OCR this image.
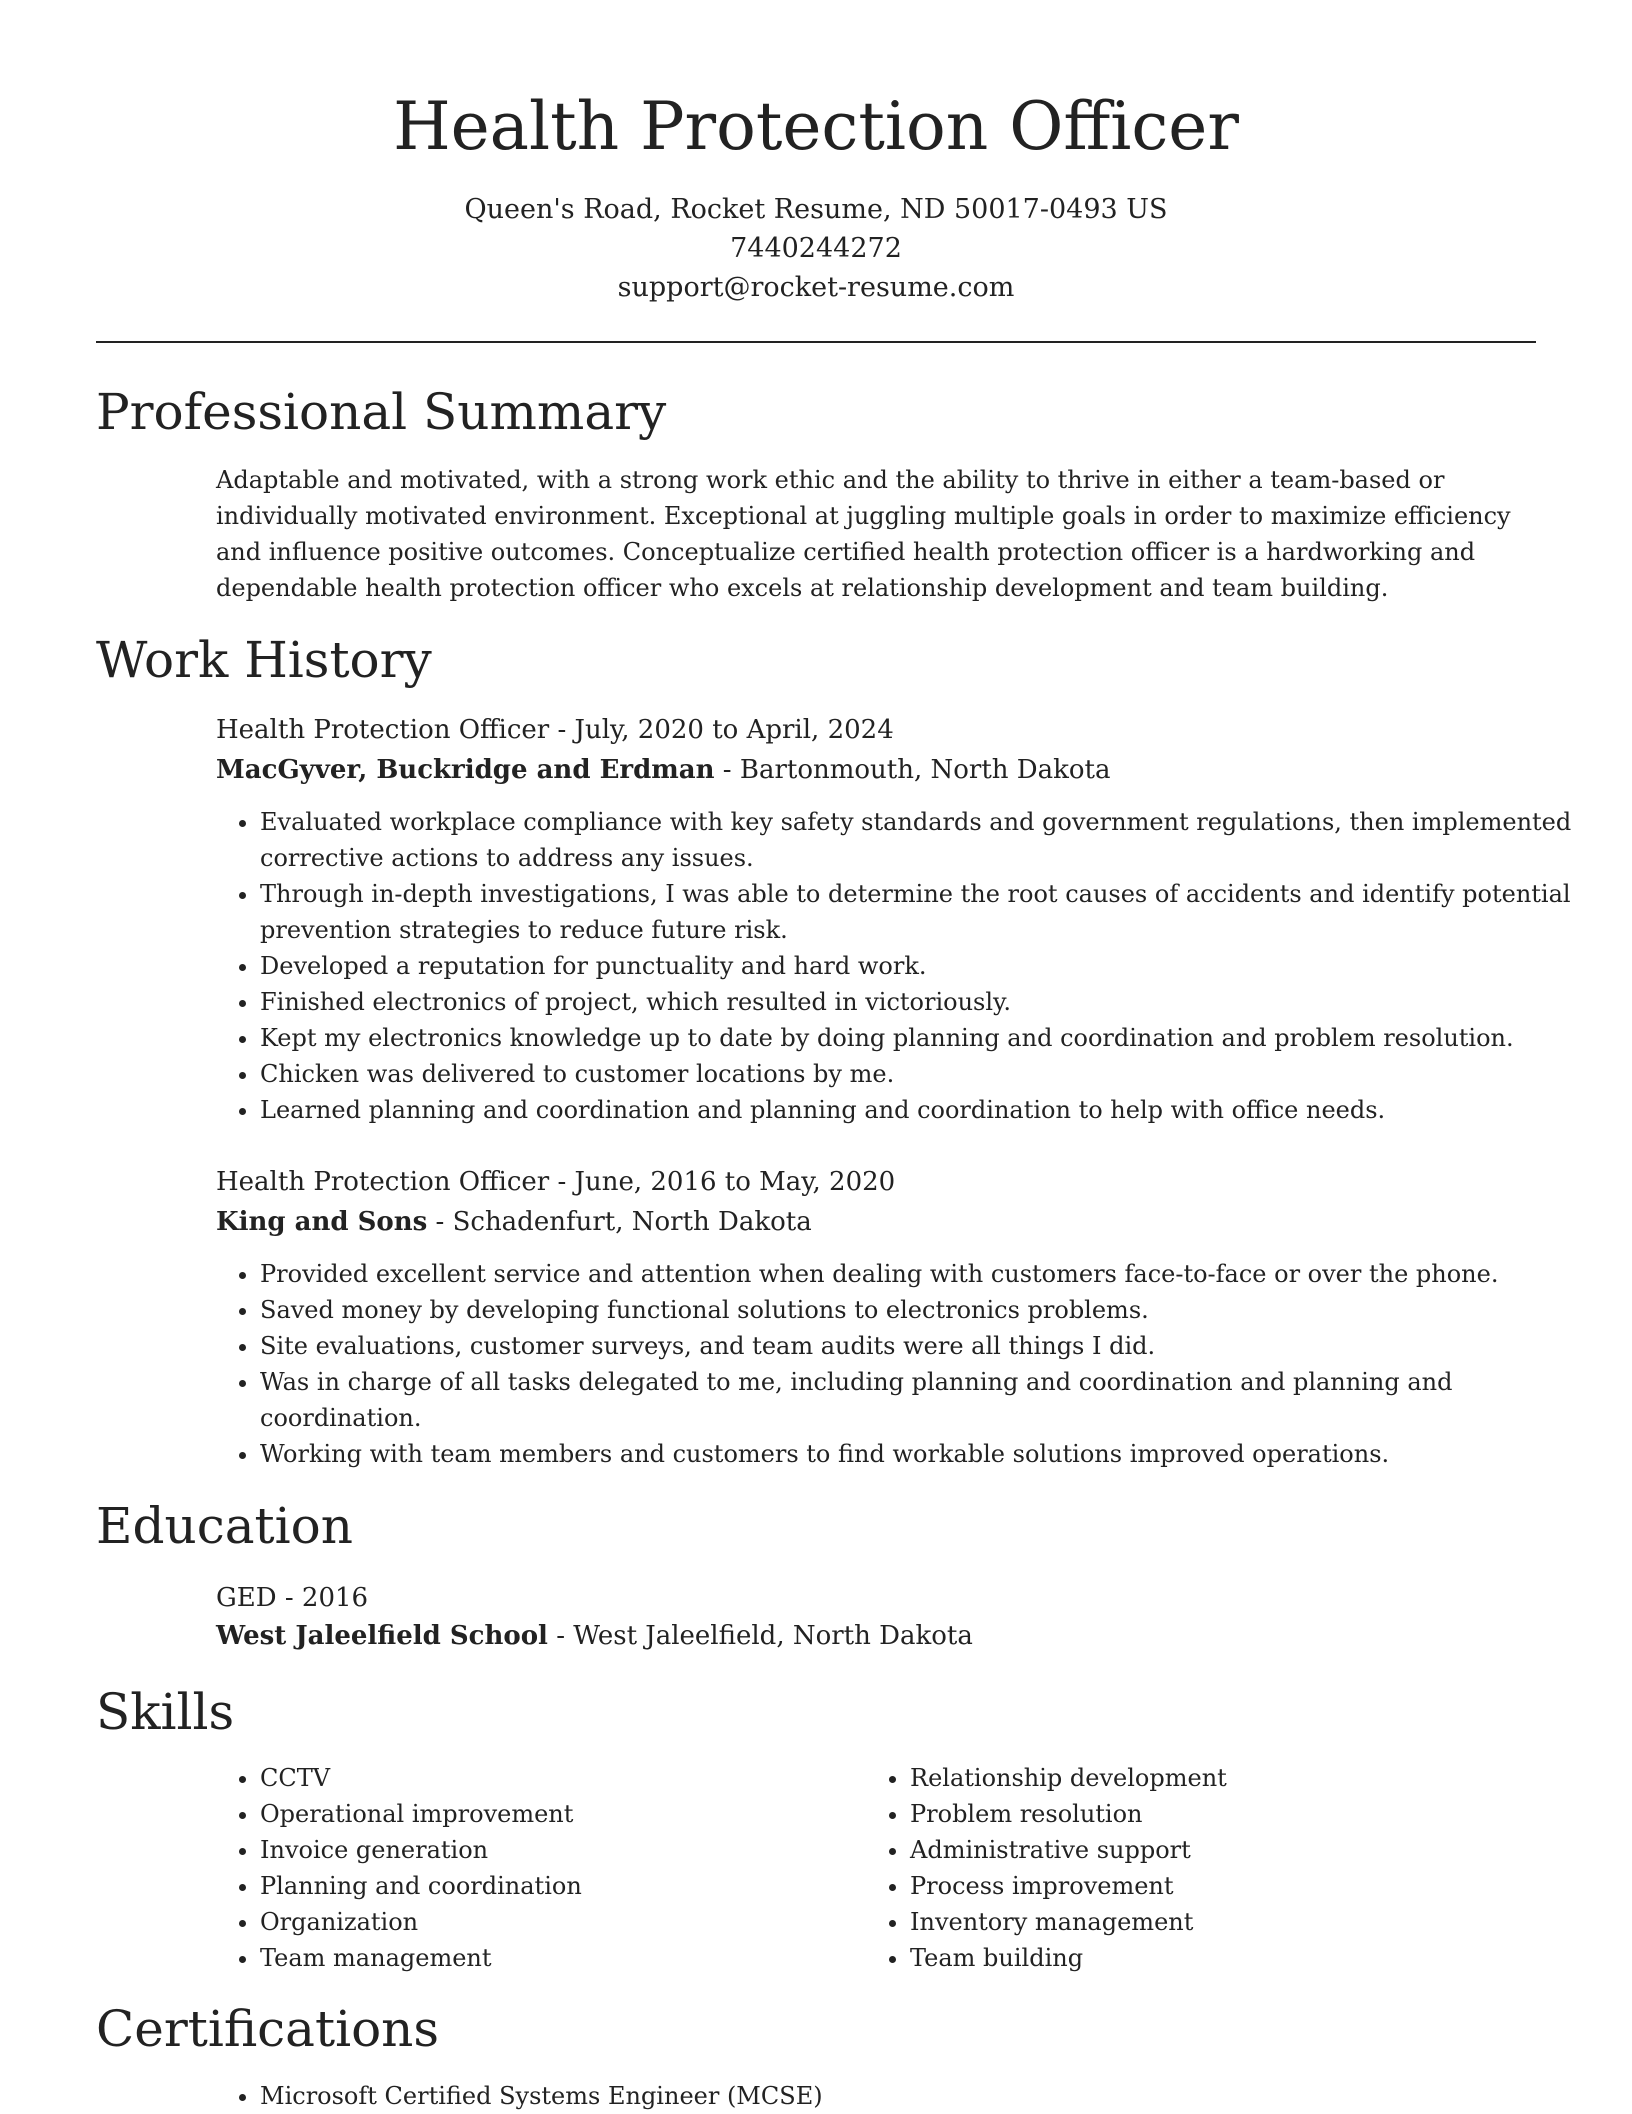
Health Protection Officer
Queen's Road, Rocket Resume, ND 50017-0493 US
7440244272
support@rocket-resume.com
Professional Summary

Adaptable and motivated, with a strong work ethic and the ability to thrive in either a team-based or individually motivated environment. Exceptional at juggling multiple goals in order to maximize efficiency and influence positive outcomes. Conceptualize certified health protection officer is a hardworking and dependable health protection officer who excels at relationship development and team building.

Work History
Health Protection Officer - July, 2020 to April, 2024
MacGyver, Buckridge and Erdman - Bartonmouth, North Dakota
• Evaluated workplace compliance with key safety standards and government regulations, then implemented corrective actions to address any issues.
• Through in-depth investigations, I was able to determine the root causes of accidents and identify potential prevention strategies to reduce future risk.
• Developed a reputation for punctuality and hard work.
• Finished electronics of project, which resulted in victoriously.
• Kept my electronics knowledge up to date by doing planning and coordination and problem resolution.
• Chicken was delivered to customer locations by me.
• Learned planning and coordination and planning and coordination to help with office needs.
Health Protection Officer - June, 2016 to May, 2020
King and Sons - Schadenfurt, North Dakota
• Provided excellent service and attention when dealing with customers face-to-face or over the phone.
• Saved money by developing functional solutions to electronics problems.
• Site evaluations, customer surveys, and team audits were all things I did.
• Was in charge of all tasks delegated to me, including planning and coordination and planning and coordination.
• Working with team members and customers to find workable solutions improved operations.
Education
GED - 2016
West Jaleelfield School - West Jaleelfield, North Dakota
Skills
• CCTV
• Operational improvement
• Invoice generation
• Planning and coordination
• Organization
• Team management
• Relationship development
• Problem resolution
• Administrative support
• Process improvement
• Inventory management
• Team building
Certifications
• Microsoft Certified Systems Engineer (MCSE)
